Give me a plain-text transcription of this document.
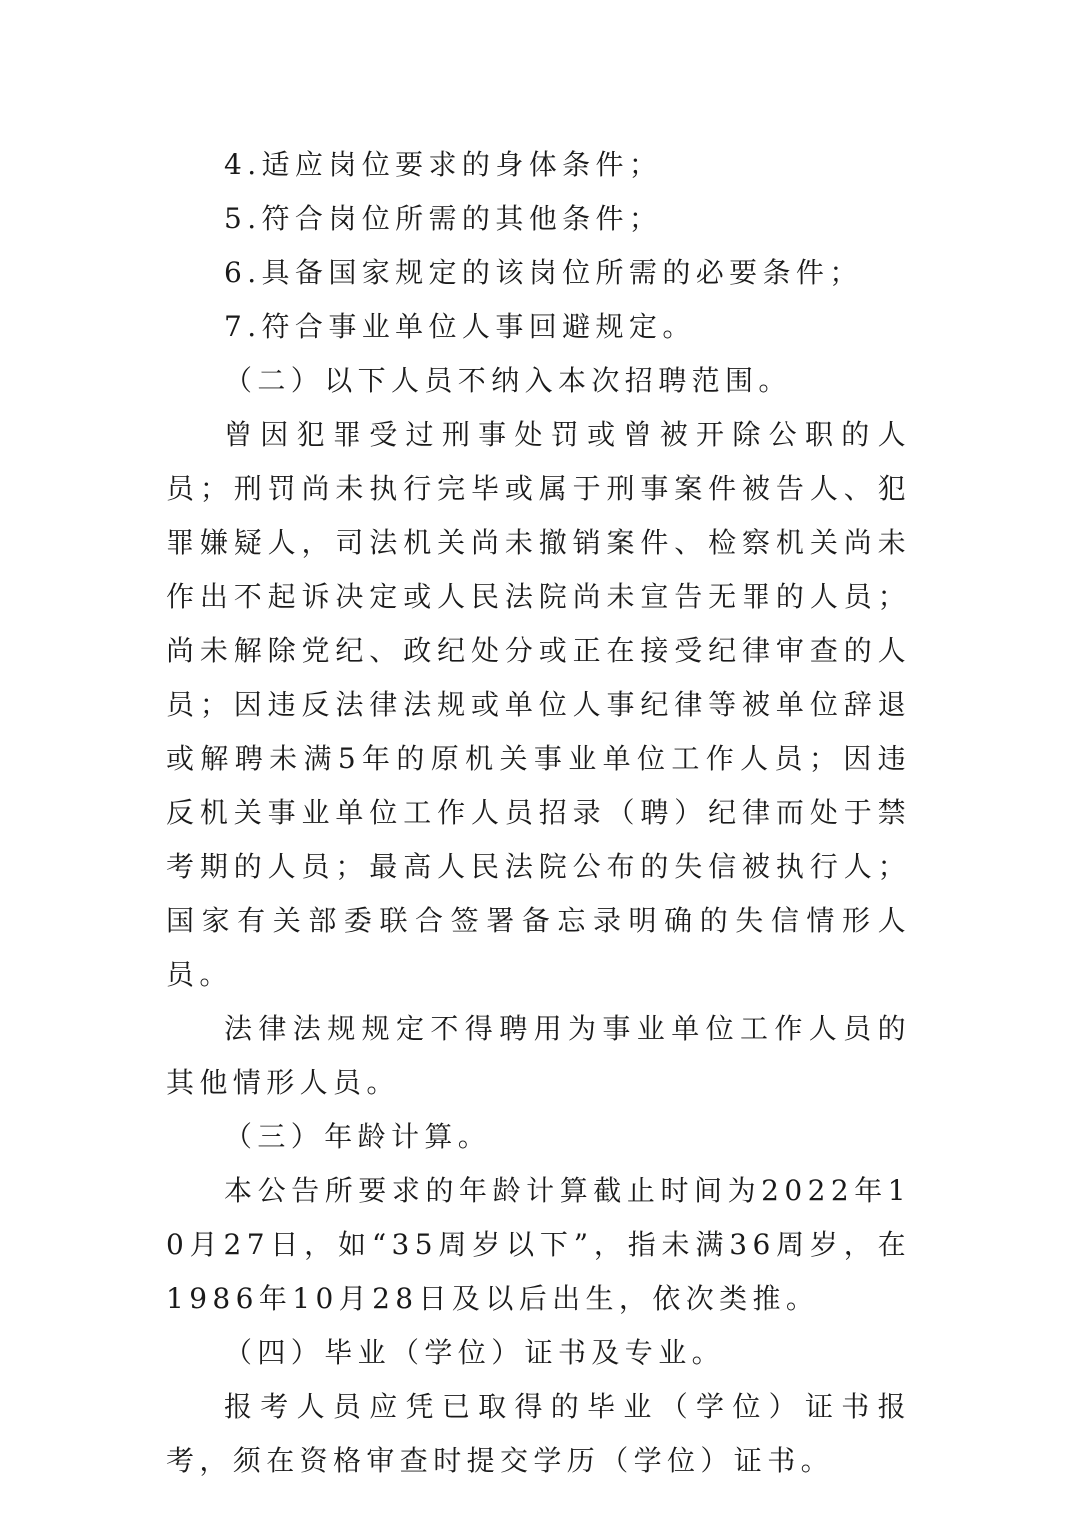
4.适应岗位要求的身体条件；

5.符合岗位所需的其他条件；

6.具备国家规定的该岗位所需的必要条件；

7.符合事业单位人事回避规定。

（二）以下人员不纳入本次招聘范围。

曾因犯罪受过刑事处罚或曾被开除公职的人员；刑罚尚未执行完毕或属于刑事案件被告人、犯罪嫌疑人，司法机关尚未撤销案件、检察机关尚未作出不起诉决定或人民法院尚未宣告无罪的人员；尚未解除党纪、政纪处分或正在接受纪律审查的人员；因违反法律法规或单位人事纪律等被单位辞退或解聘未满5年的原机关事业单位工作人员；因违反机关事业单位工作人员招录（聘）纪律而处于禁考期的人员；最高人民法院公布的失信被执行人；国家有关部委联合签署备忘录明确的失信情形人员。

法律法规规定不得聘用为事业单位工作人员的其他情形人员。

（三）年龄计算。

本公告所要求的年龄计算截止时间为2022年10月27日，如“35周岁以下”，指未满36周岁，在1986年10月28日及以后出生，依次类推。

（四）毕业（学位）证书及专业。

报考人员应凭已取得的毕业（学位）证书报考，须在资格审查时提交学历（学位）证书。
